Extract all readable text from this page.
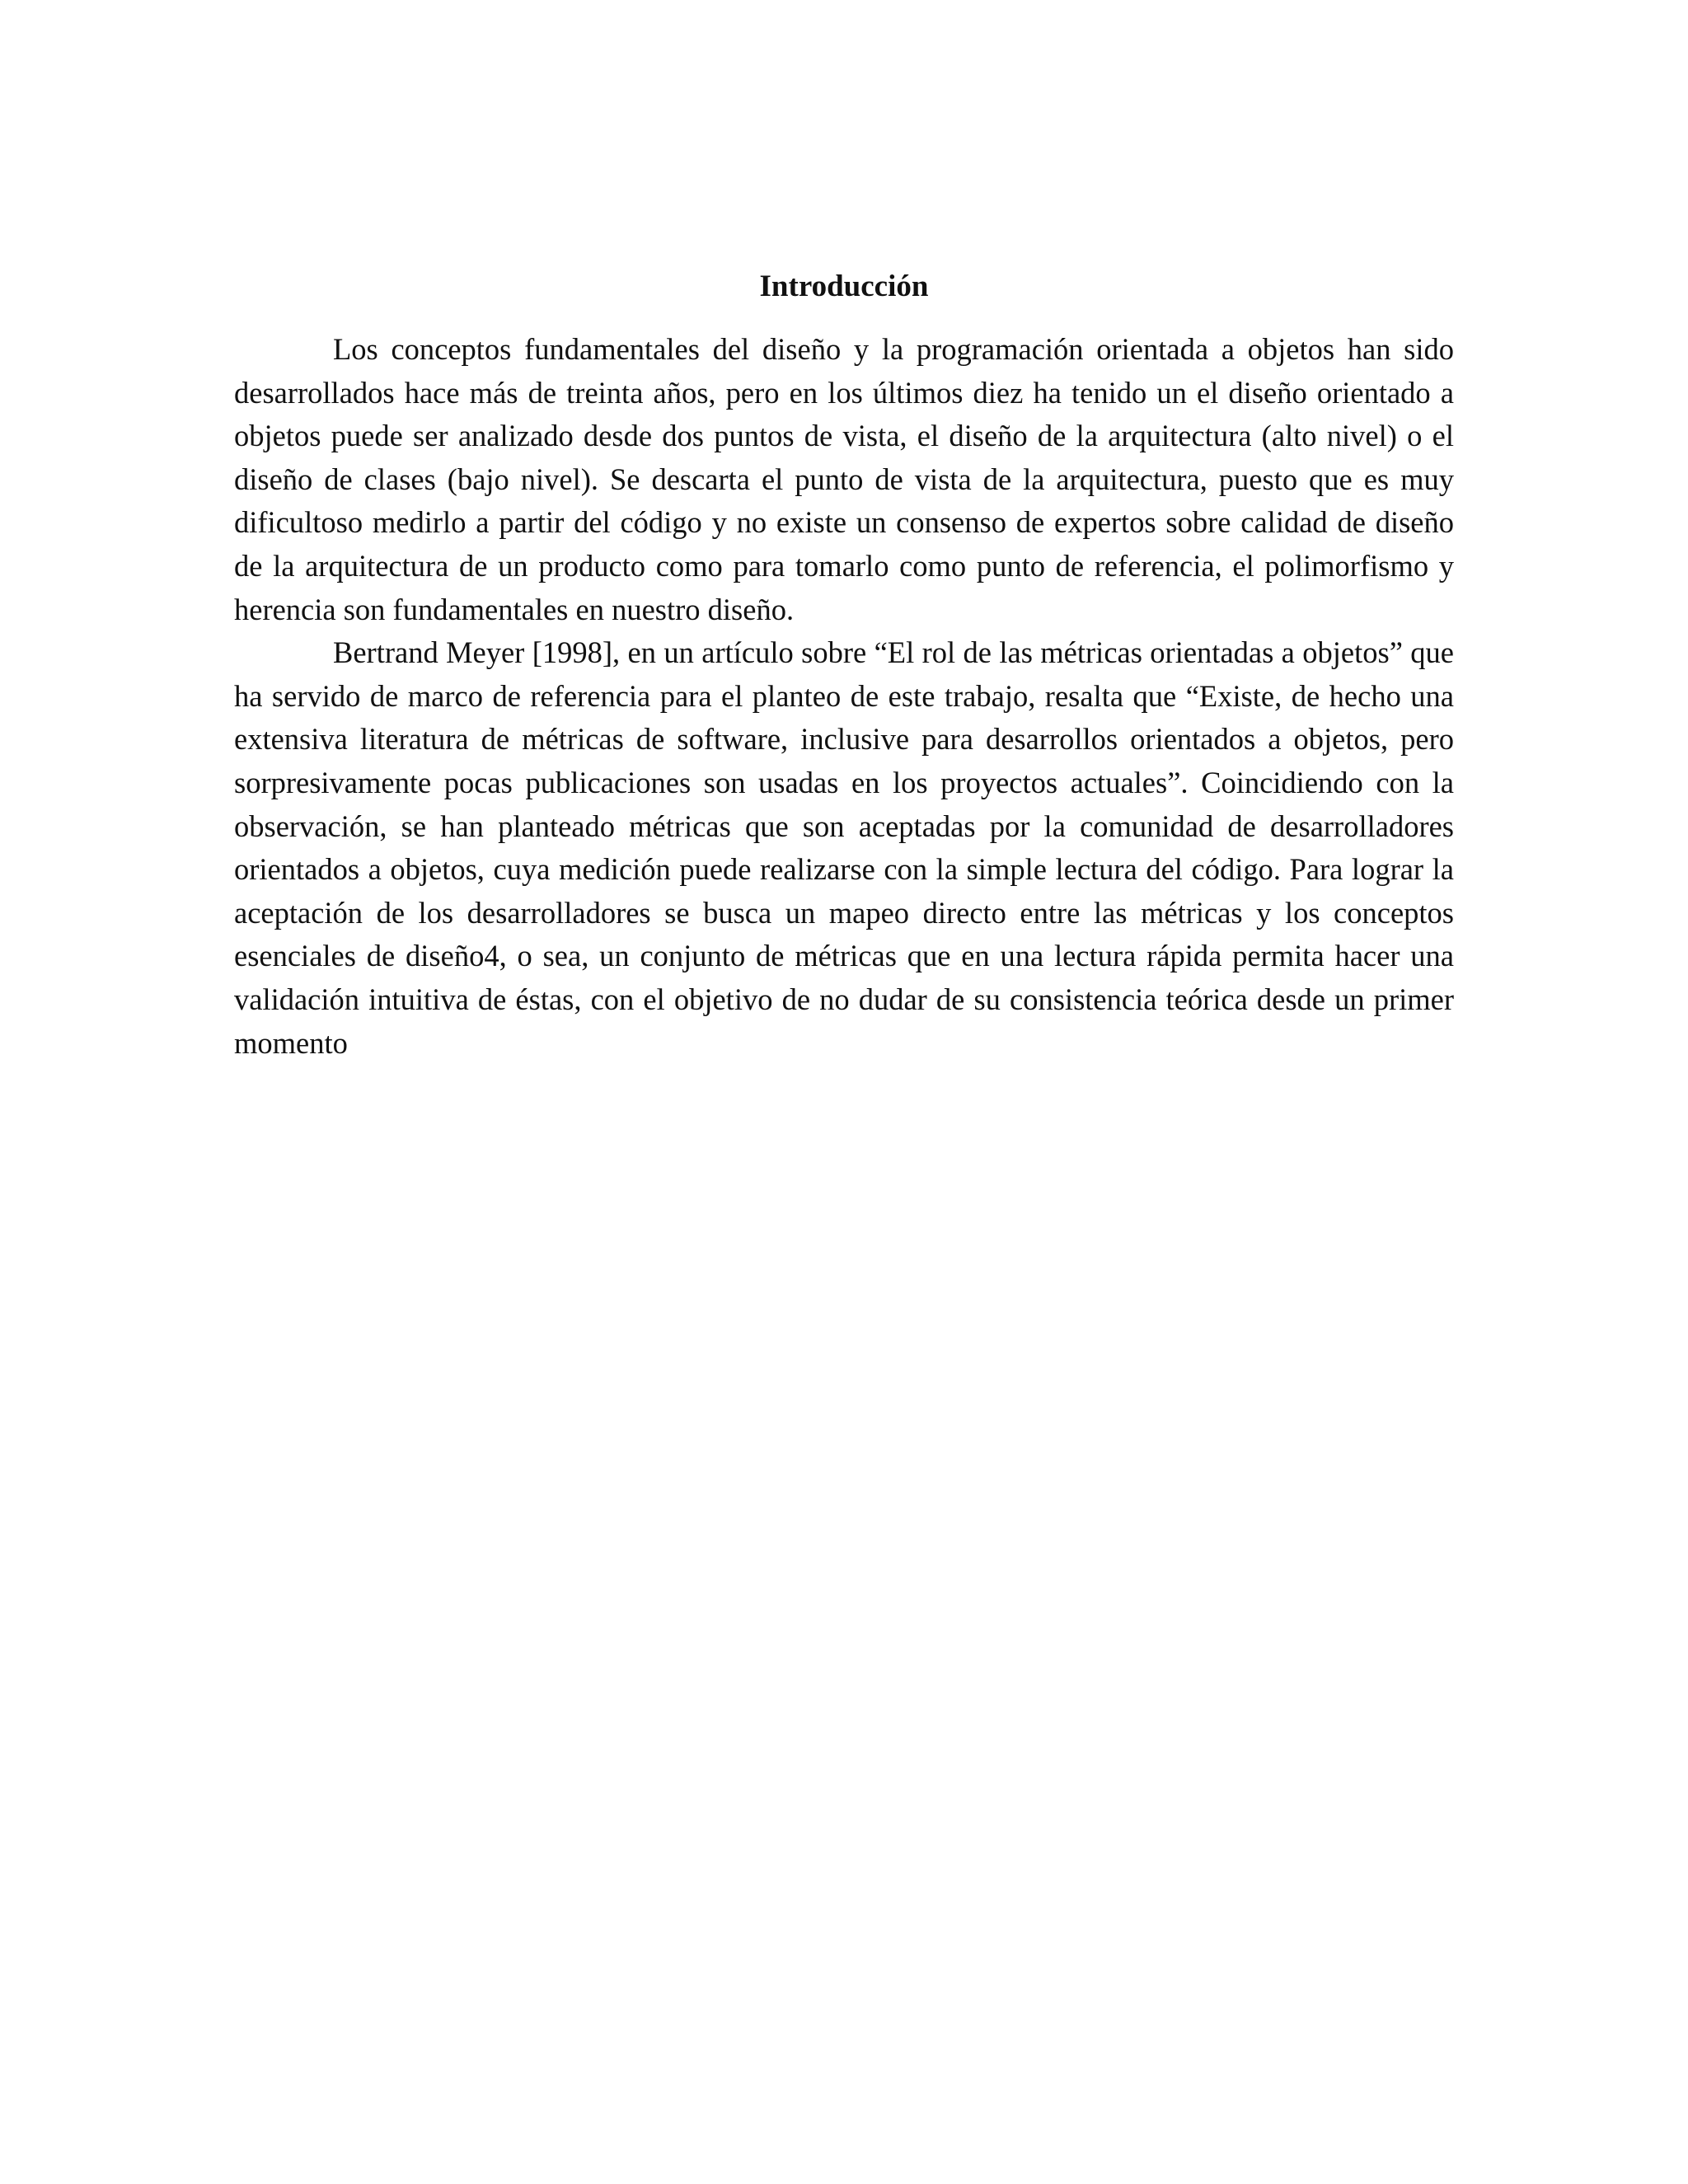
Introducción

Los conceptos fundamentales del diseño y la programación orientada a objetos han sido desarrollados hace más de treinta años, pero en los últimos diez ha tenido un el diseño orientado a objetos puede ser analizado desde dos puntos de vista, el diseño de la arquitectura (alto nivel) o el diseño de clases (bajo nivel). Se descarta el punto de vista de la arquitectura, puesto que es muy dificultoso medirlo a partir del código y no existe un consenso de expertos sobre calidad de diseño de la arquitectura de un producto como para tomarlo como punto de referencia, el polimorfismo y herencia son fundamentales en nuestro diseño.

Bertrand Meyer [1998], en un artículo sobre “El rol de las métricas orientadas a objetos” que ha servido de marco de referencia para el planteo de este trabajo, resalta que “Existe, de hecho una extensiva literatura de métricas de software, inclusive para desarrollos orientados a objetos, pero sorpresivamente pocas publicaciones son usadas en los proyectos actuales”. Coincidiendo con la observación, se han planteado métricas que son aceptadas por la comunidad de desarrolladores orientados a objetos, cuya medición puede realizarse con la simple lectura del código. Para lograr la aceptación de los desarrolladores se busca un mapeo directo entre las métricas y los conceptos esenciales de diseño4, o sea, un conjunto de métricas que en una lectura rápida permita hacer una validación intuitiva de éstas, con el objetivo de no dudar de su consistencia teórica desde un primer momento
